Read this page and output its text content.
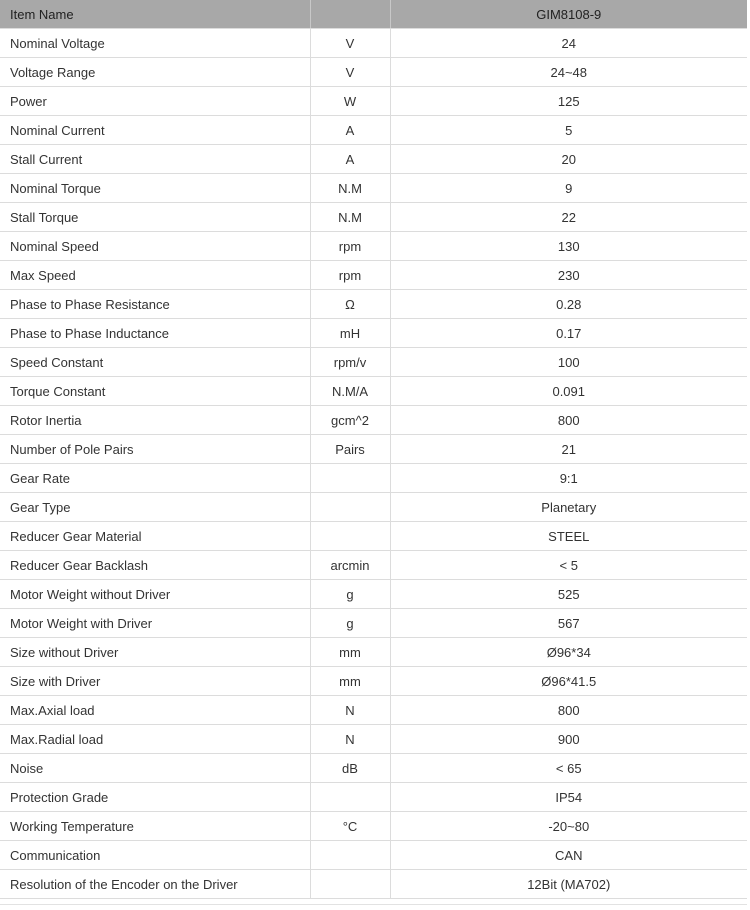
Item Name		GIM8108-9
Nominal Voltage	V	24
Voltage Range	V	24~48
Power	W	125
Nominal Current	A	5
Stall Current	A	20
Nominal Torque	N.M	9
Stall Torque	N.M	22
Nominal Speed	rpm	130
Max Speed	rpm	230
Phase to Phase Resistance	Ω	0.28
Phase to Phase Inductance	mH	0.17
Speed Constant	rpm/v	100
Torque Constant	N.M/A	0.091
Rotor Inertia	gcm^2	800
Number of Pole Pairs	Pairs	21
Gear Rate		9:1
Gear Type		Planetary
Reducer Gear Material		STEEL
Reducer Gear Backlash	arcmin	< 5
Motor Weight without Driver	g	525
Motor Weight with Driver	g	567
Size without Driver	mm	Ø96*34
Size with Driver	mm	Ø96*41.5
Max.Axial load	N	800
Max.Radial load	N	900
Noise	dB	< 65
Protection Grade		IP54
Working Temperature	°C	-20~80
Communication		CAN
Resolution of the Encoder on the Driver		12Bit (MA702)
